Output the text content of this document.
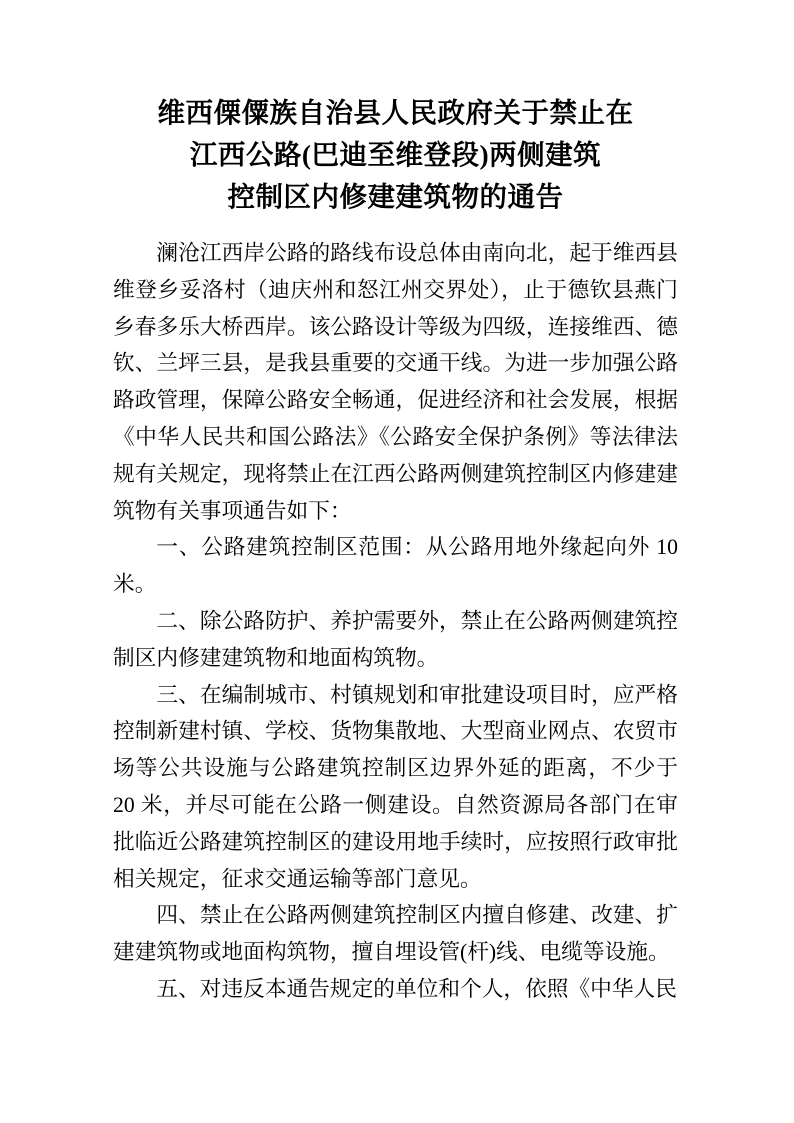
维西傈僳族自治县人民政府关于禁止在
江西公路(巴迪至维登段)两侧建筑
控制区内修建建筑物的通告

澜沧江西岸公路的路线布设总体由南向北，起于维西县维登乡妥洛村（迪庆州和怒江州交界处），止于德钦县燕门乡春多乐大桥西岸。该公路设计等级为四级，连接维西、德钦、兰坪三县，是我县重要的交通干线。为进一步加强公路路政管理，保障公路安全畅通，促进经济和社会发展，根据《中华人民共和国公路法》《公路安全保护条例》等法律法规有关规定，现将禁止在江西公路两侧建筑控制区内修建建筑物有关事项通告如下：

一、公路建筑控制区范围：从公路用地外缘起向外 10 米。

二、除公路防护、养护需要外，禁止在公路两侧建筑控制区内修建建筑物和地面构筑物。

三、在编制城市、村镇规划和审批建设项目时，应严格控制新建村镇、学校、货物集散地、大型商业网点、农贸市场等公共设施与公路建筑控制区边界外延的距离，不少于 20 米，并尽可能在公路一侧建设。自然资源局各部门在审批临近公路建筑控制区的建设用地手续时，应按照行政审批相关规定，征求交通运输等部门意见。

四、禁止在公路两侧建筑控制区内擅自修建、改建、扩建建筑物或地面构筑物，擅自埋设管(杆)线、电缆等设施。

五、对违反本通告规定的单位和个人，依照《中华人民
